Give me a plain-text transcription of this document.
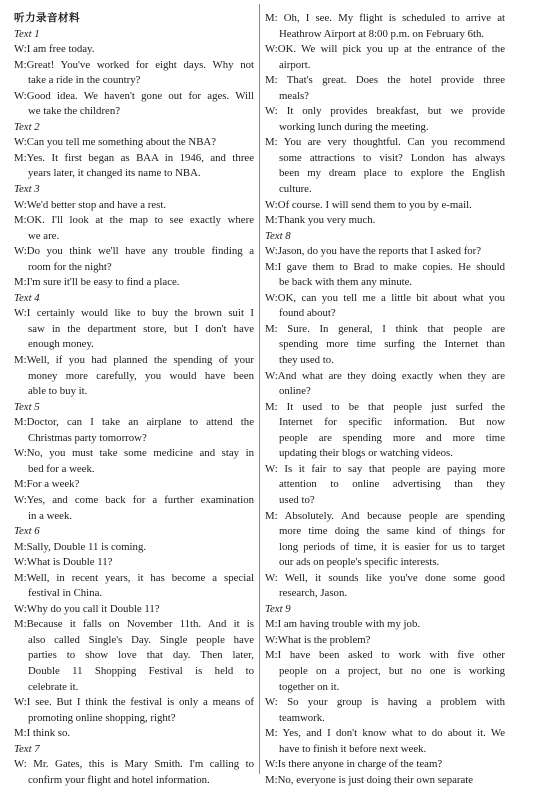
听力录音材料
Text 1
W:I am free today.
M:Great! You've worked for eight days. Why not
take a ride in the country?
W:Good idea. We haven't gone out for ages. Will
we take the children?
Text 2
W:Can you tell me something about the NBA?
M:Yes. It first began as BAA in 1946, and three
years later, it changed its name to NBA.
Text 3
W:We'd better stop and have a rest.
M:OK. I'll look at the map to see exactly where
we are.
W:Do you think we'll have any trouble finding a
room for the night?
M:I'm sure it'll be easy to find a place.
Text 4
W:I certainly would like to buy the brown suit I
saw in the department store, but I don't have
enough money.
M:Well, if you had planned the spending of your
money more carefully, you would have been
able to buy it.
Text 5
M:Doctor, can I take an airplane to attend the
Christmas party tomorrow?
W:No, you must take some medicine and stay in
bed for a week.
M:For a week?
W:Yes, and come back for a further examination
in a week.
Text 6
M:Sally, Double 11 is coming.
W:What is Double 11?
M:Well, in recent years, it has become a special
festival in China.
W:Why do you call it Double 11?
M:Because it falls on November 11th. And it is
also called Single's Day. Single people have
parties to show love that day. Then later,
Double 11 Shopping Festival is held to
celebrate it.
W:I see. But I think the festival is only a means of
promoting online shopping, right?
M:I think so.
Text 7
W: Mr. Gates, this is Mary Smith. I'm calling to
confirm your flight and hotel information.
M: Oh, I see. My flight is scheduled to arrive at
Heathrow Airport at 8:00 p.m. on February 6th.
W:OK. We will pick you up at the entrance of the
airport.
M: That's great. Does the hotel provide three
meals?
W: It only provides breakfast, but we provide
working lunch during the meeting.
M: You are very thoughtful. Can you recommend
some attractions to visit? London has always
been my dream place to explore the English
culture.
W:Of course. I will send them to you by e-mail.
M:Thank you very much.
Text 8
W:Jason, do you have the reports that I asked for?
M:I gave them to Brad to make copies. He should
be back with them any minute.
W:OK, can you tell me a little bit about what you
found about?
M: Sure. In general, I think that people are
spending more time surfing the Internet than
they used to.
W:And what are they doing exactly when they are
online?
M: It used to be that people just surfed the
Internet for specific information. But now
people are spending more and more time
updating their blogs or watching videos.
W: Is it fair to say that people are paying more
attention to online advertising than they
used to?
M: Absolutely. And because people are spending
more time doing the same kind of things for
long periods of time, it is easier for us to target
our ads on people's specific interests.
W: Well, it sounds like you've done some good
research, Jason.
Text 9
M:I am having trouble with my job.
W:What is the problem?
M:I have been asked to work with five other
people on a project, but no one is working
together on it.
W: So your group is having a problem with
teamwork.
M: Yes, and I don't know what to do about it. We
have to finish it before next week.
W:Is there anyone in charge of the team?
M:No, everyone is just doing their own separate
